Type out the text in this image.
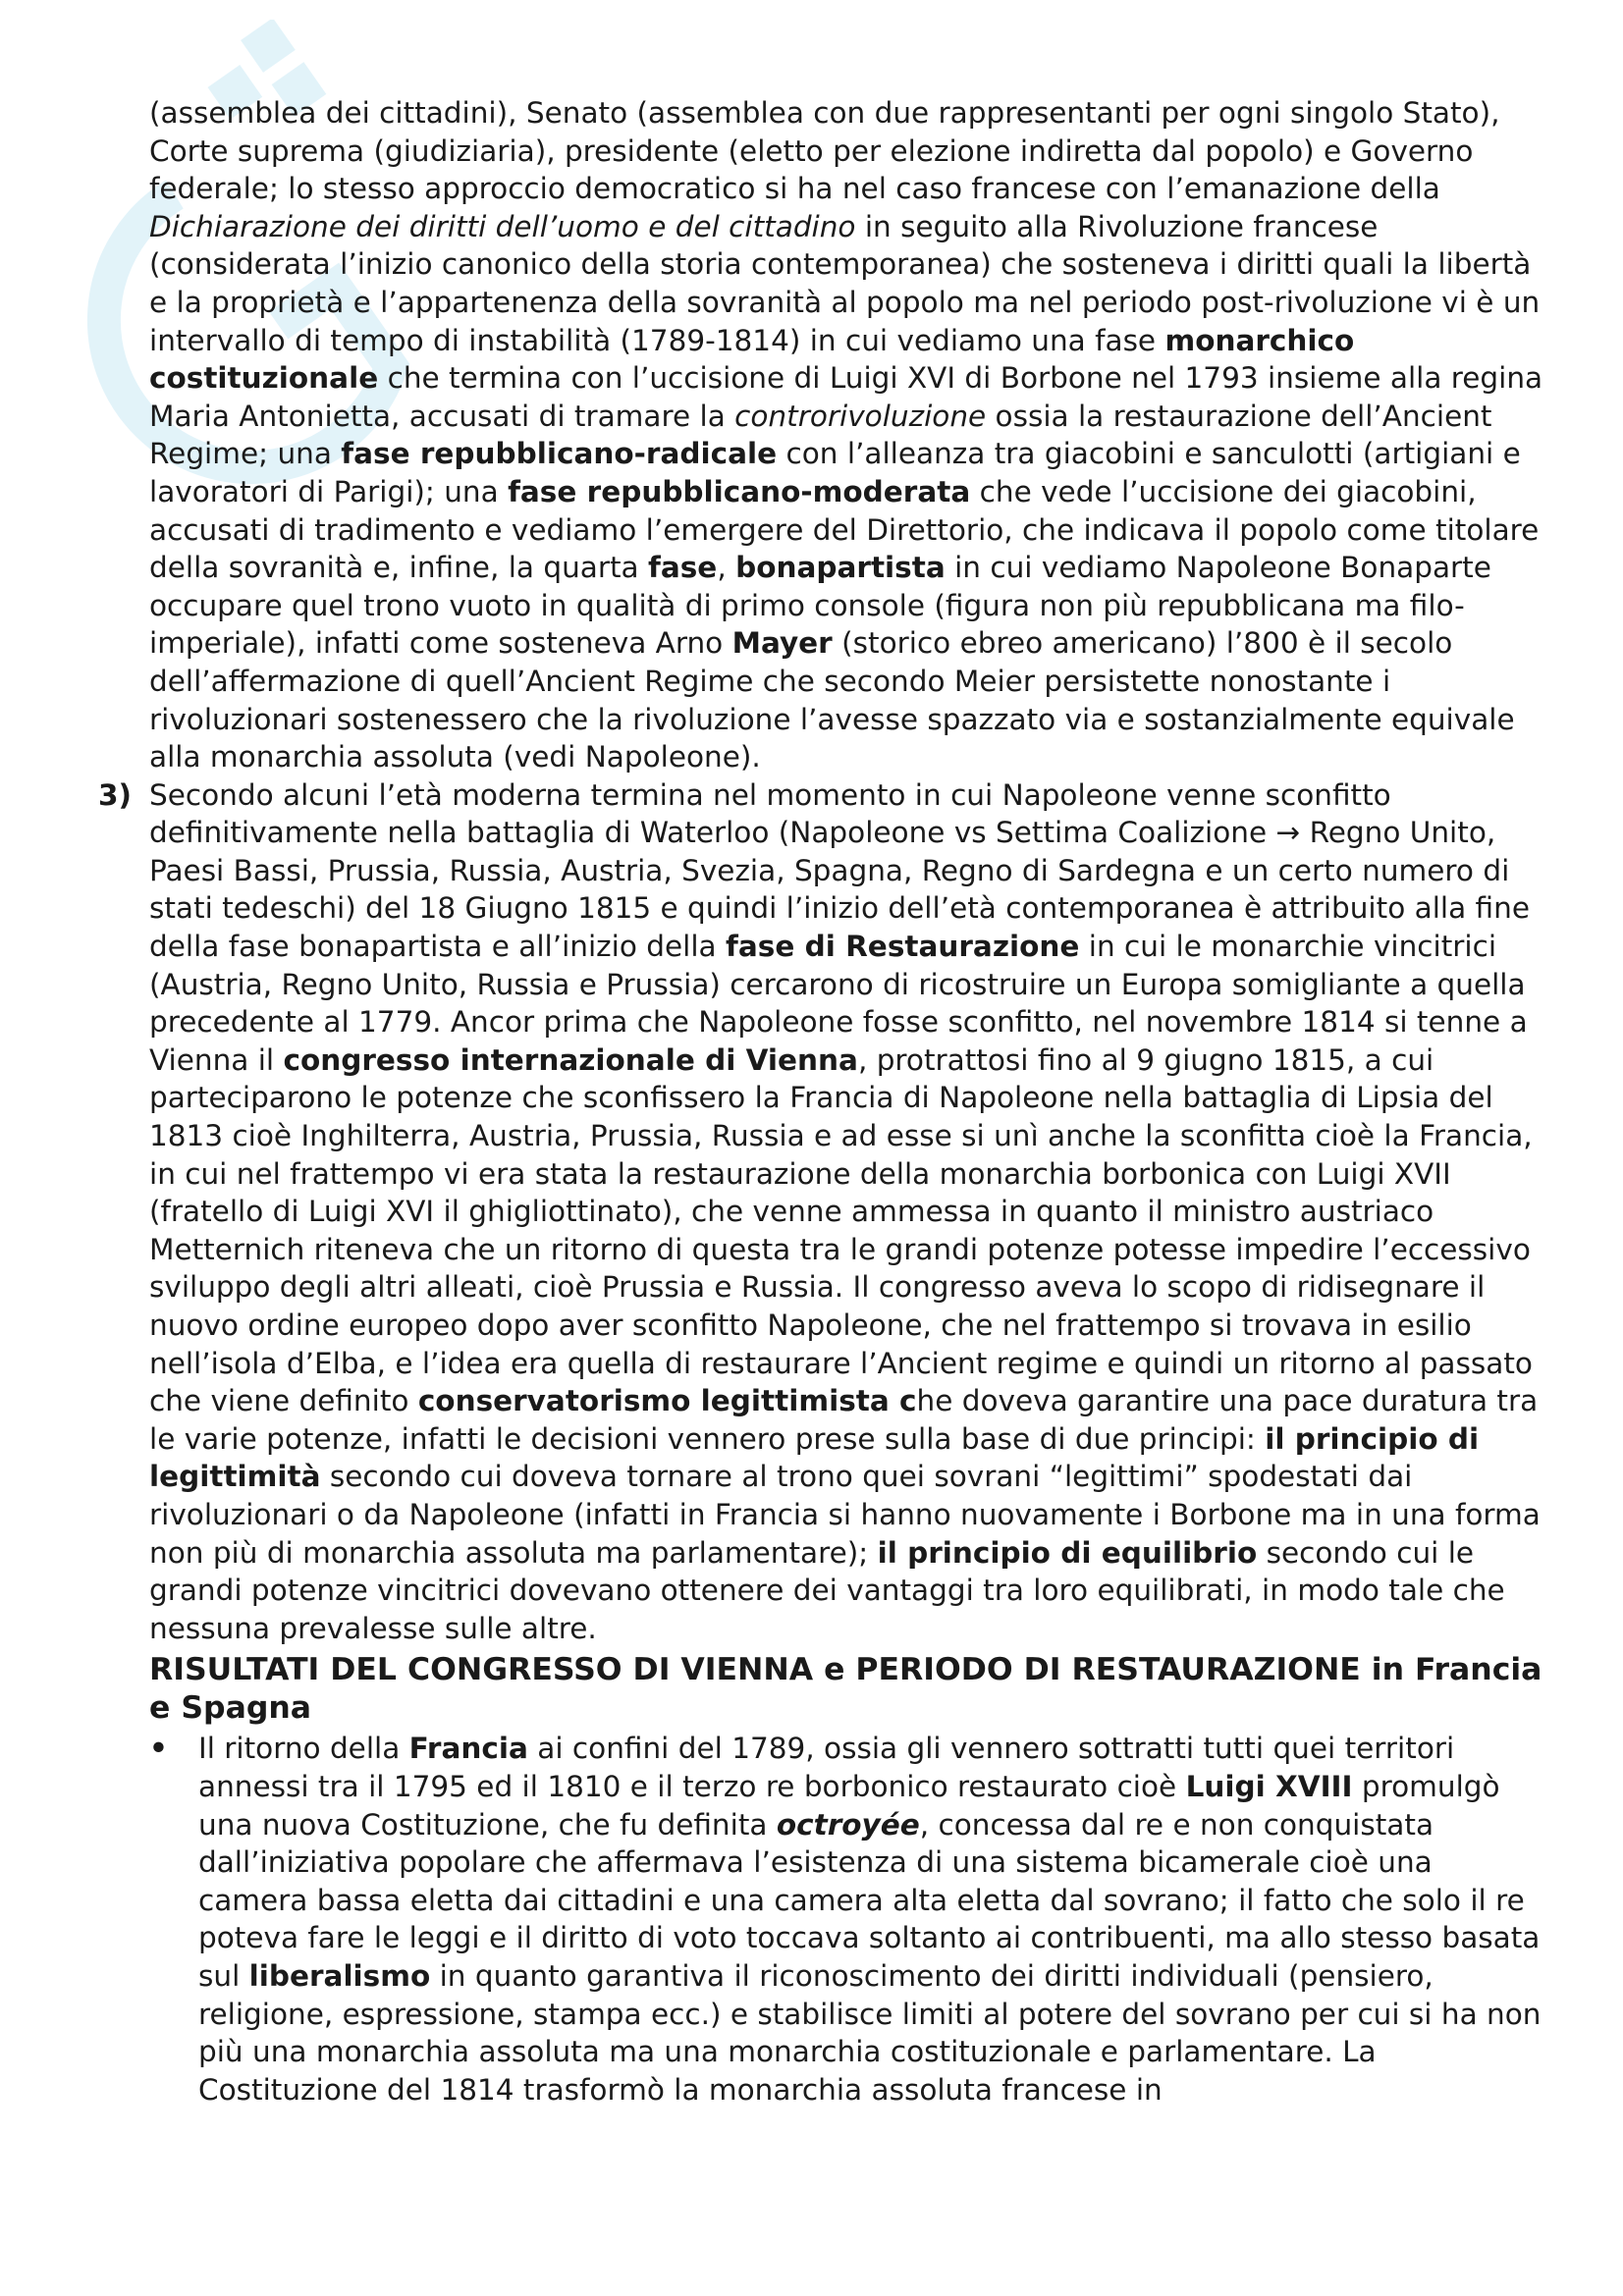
(assemblea dei cittadini), Senato (assemblea con due rappresentanti per ogni singolo Stato), Corte suprema (giudiziaria), presidente (eletto per elezione indiretta dal popolo) e Governo federale; lo stesso approccio democratico si ha nel caso francese con l’emanazione della Dichiarazione dei diritti dell’uomo e del cittadino in seguito alla Rivoluzione francese (considerata l’inizio canonico della storia contemporanea) che sosteneva i diritti quali la libertà e la proprietà e l’appartenenza della sovranità al popolo ma nel periodo post-rivoluzione vi è un intervallo di tempo di instabilità (1789-1814) in cui vediamo una fase monarchico costituzionale che termina con l’uccisione di Luigi XVI di Borbone nel 1793 insieme alla regina Maria Antonietta, accusati di tramare la controrivoluzione ossia la restaurazione dell’Ancient Regime; una fase repubblicano-radicale con l’alleanza tra giacobini e sanculotti (artigiani e lavoratori di Parigi); una fase repubblicano-moderata che vede l’uccisione dei giacobini, accusati di tradimento e vediamo l’emergere del Direttorio, che indicava il popolo come titolare della sovranità e, infine, la quarta fase, bonapartista in cui vediamo Napoleone Bonaparte occupare quel trono vuoto in qualità di primo console (figura non più repubblicana ma filo-imperiale), infatti come sosteneva Arno Mayer (storico ebreo americano) l’800 è il secolo dell’affermazione di quell’Ancient Regime che secondo Meier persistette nonostante i rivoluzionari sostenessero che la rivoluzione l’avesse spazzato via e sostanzialmente equivale alla monarchia assoluta (vedi Napoleone).

3) Secondo alcuni l’età moderna termina nel momento in cui Napoleone venne sconfitto definitivamente nella battaglia di Waterloo (Napoleone vs Settima Coalizione → Regno Unito, Paesi Bassi, Prussia, Russia, Austria, Svezia, Spagna, Regno di Sardegna e un certo numero di stati tedeschi) del 18 Giugno 1815 e quindi l’inizio dell’età contemporanea è attribuito alla fine della fase bonapartista e all’inizio della fase di Restaurazione in cui le monarchie vincitrici (Austria, Regno Unito, Russia e Prussia) cercarono di ricostruire un Europa somigliante a quella precedente al 1779. Ancor prima che Napoleone fosse sconfitto, nel novembre 1814 si tenne a Vienna il congresso internazionale di Vienna, protrattosi fino al 9 giugno 1815, a cui parteciparono le potenze che sconfissero la Francia di Napoleone nella battaglia di Lipsia del 1813 cioè Inghilterra, Austria, Prussia, Russia e ad esse si unì anche la sconfitta cioè la Francia, in cui nel frattempo vi era stata la restaurazione della monarchia borbonica con Luigi XVII (fratello di Luigi XVI il ghigliottinato), che venne ammessa in quanto il ministro austriaco Metternich riteneva che un ritorno di questa tra le grandi potenze potesse impedire l’eccessivo sviluppo degli altri alleati, cioè Prussia e Russia. Il congresso aveva lo scopo di ridisegnare il nuovo ordine europeo dopo aver sconfitto Napoleone, che nel frattempo si trovava in esilio nell’isola d’Elba, e l’idea era quella di restaurare l’Ancient regime e quindi un ritorno al passato che viene definito conservatorismo legittimista che doveva garantire una pace duratura tra le varie potenze, infatti le decisioni vennero prese sulla base di due principi: il principio di legittimità secondo cui doveva tornare al trono quei sovrani “legittimi” spodestati dai rivoluzionari o da Napoleone (infatti in Francia si hanno nuovamente i Borbone ma in una forma non più di monarchia assoluta ma parlamentare); il principio di equilibrio secondo cui le grandi potenze vincitrici dovevano ottenere dei vantaggi tra loro equilibrati, in modo tale che nessuna prevalesse sulle altre.

RISULTATI DEL CONGRESSO DI VIENNA e PERIODO DI RESTAURAZIONE in Francia e Spagna

• Il ritorno della Francia ai confini del 1789, ossia gli vennero sottratti tutti quei territori annessi tra il 1795 ed il 1810 e il terzo re borbonico restaurato cioè Luigi XVIII promulgò una nuova Costituzione, che fu definita octroyée, concessa dal re e non conquistata dall’iniziativa popolare che affermava l’esistenza di una sistema bicamerale cioè una camera bassa eletta dai cittadini e una camera alta eletta dal sovrano; il fatto che solo il re poteva fare le leggi e il diritto di voto toccava soltanto ai contribuenti, ma allo stesso basata sul liberalismo in quanto garantiva il riconoscimento dei diritti individuali (pensiero, religione, espressione, stampa ecc.) e stabilisce limiti al potere del sovrano per cui si ha non più una monarchia assoluta ma una monarchia costituzionale e parlamentare. La Costituzione del 1814 trasformò la monarchia assoluta francese in
